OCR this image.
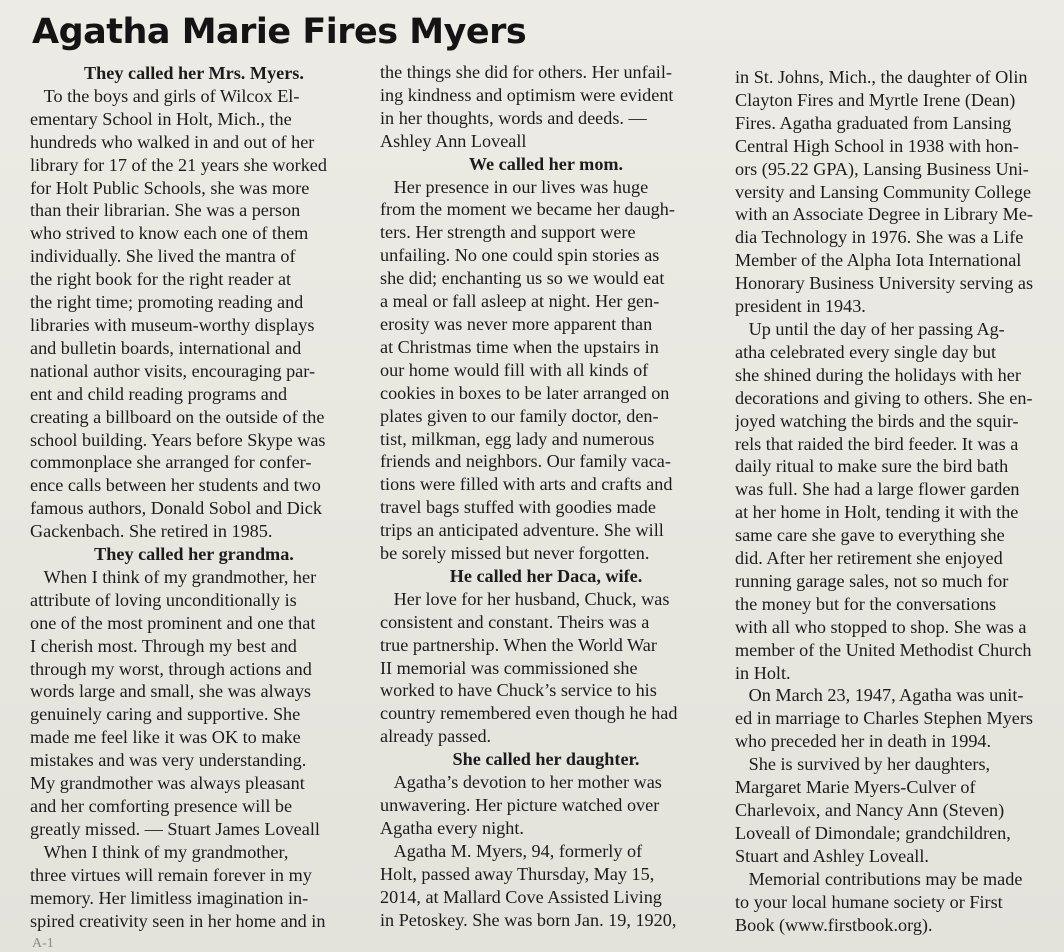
Agatha Marie Fires Myers
They called her Mrs. Myers.
To the boys and girls of Wilcox El-
ementary School in Holt, Mich., the
hundreds who walked in and out of her
library for 17 of the 21 years she worked
for Holt Public Schools, she was more
than their librarian. She was a person
who strived to know each one of them
individually. She lived the mantra of
the right book for the right reader at
the right time; promoting reading and
libraries with museum-worthy displays
and bulletin boards, international and
national author visits, encouraging par-
ent and child reading programs and
creating a billboard on the outside of the
school building. Years before Skype was
commonplace she arranged for confer-
ence calls between her students and two
famous authors, Donald Sobol and Dick
Gackenbach. She retired in 1985.
They called her grandma.
When I think of my grandmother, her
attribute of loving unconditionally is
one of the most prominent and one that
I cherish most. Through my best and
through my worst, through actions and
words large and small, she was always
genuinely caring and supportive. She
made me feel like it was OK to make
mistakes and was very understanding.
My grandmother was always pleasant
and her comforting presence will be
greatly missed. — Stuart James Loveall
When I think of my grandmother,
three virtues will remain forever in my
memory. Her limitless imagination in-
spired creativity seen in her home and in
the things she did for others. Her unfail-
ing kindness and optimism were evident
in her thoughts, words and deeds. —
Ashley Ann Loveall
We called her mom.
Her presence in our lives was huge
from the moment we became her daugh-
ters. Her strength and support were
unfailing. No one could spin stories as
she did; enchanting us so we would eat
a meal or fall asleep at night. Her gen-
erosity was never more apparent than
at Christmas time when the upstairs in
our home would fill with all kinds of
cookies in boxes to be later arranged on
plates given to our family doctor, den-
tist, milkman, egg lady and numerous
friends and neighbors. Our family vaca-
tions were filled with arts and crafts and
travel bags stuffed with goodies made
trips an anticipated adventure. She will
be sorely missed but never forgotten.
He called her Daca, wife.
Her love for her husband, Chuck, was
consistent and constant. Theirs was a
true partnership. When the World War
II memorial was commissioned she
worked to have Chuck’s service to his
country remembered even though he had
already passed.
She called her daughter.
Agatha’s devotion to her mother was
unwavering. Her picture watched over
Agatha every night.
Agatha M. Myers, 94, formerly of
Holt, passed away Thursday, May 15,
2014, at Mallard Cove Assisted Living
in Petoskey. She was born Jan. 19, 1920,
in St. Johns, Mich., the daughter of Olin
Clayton Fires and Myrtle Irene (Dean)
Fires. Agatha graduated from Lansing
Central High School in 1938 with hon-
ors (95.22 GPA), Lansing Business Uni-
versity and Lansing Community College
with an Associate Degree in Library Me-
dia Technology in 1976. She was a Life
Member of the Alpha Iota International
Honorary Business University serving as
president in 1943.
Up until the day of her passing Ag-
atha celebrated every single day but
she shined during the holidays with her
decorations and giving to others. She en-
joyed watching the birds and the squir-
rels that raided the bird feeder. It was a
daily ritual to make sure the bird bath
was full. She had a large flower garden
at her home in Holt, tending it with the
same care she gave to everything she
did. After her retirement she enjoyed
running garage sales, not so much for
the money but for the conversations
with all who stopped to shop. She was a
member of the United Methodist Church
in Holt.
On March 23, 1947, Agatha was unit-
ed in marriage to Charles Stephen Myers
who preceded her in death in 1994.
She is survived by her daughters,
Margaret Marie Myers-Culver of
Charlevoix, and Nancy Ann (Steven)
Loveall of Dimondale; grandchildren,
Stuart and Ashley Loveall.
Memorial contributions may be made
to your local humane society or First
Book (www.firstbook.org).
A-1
